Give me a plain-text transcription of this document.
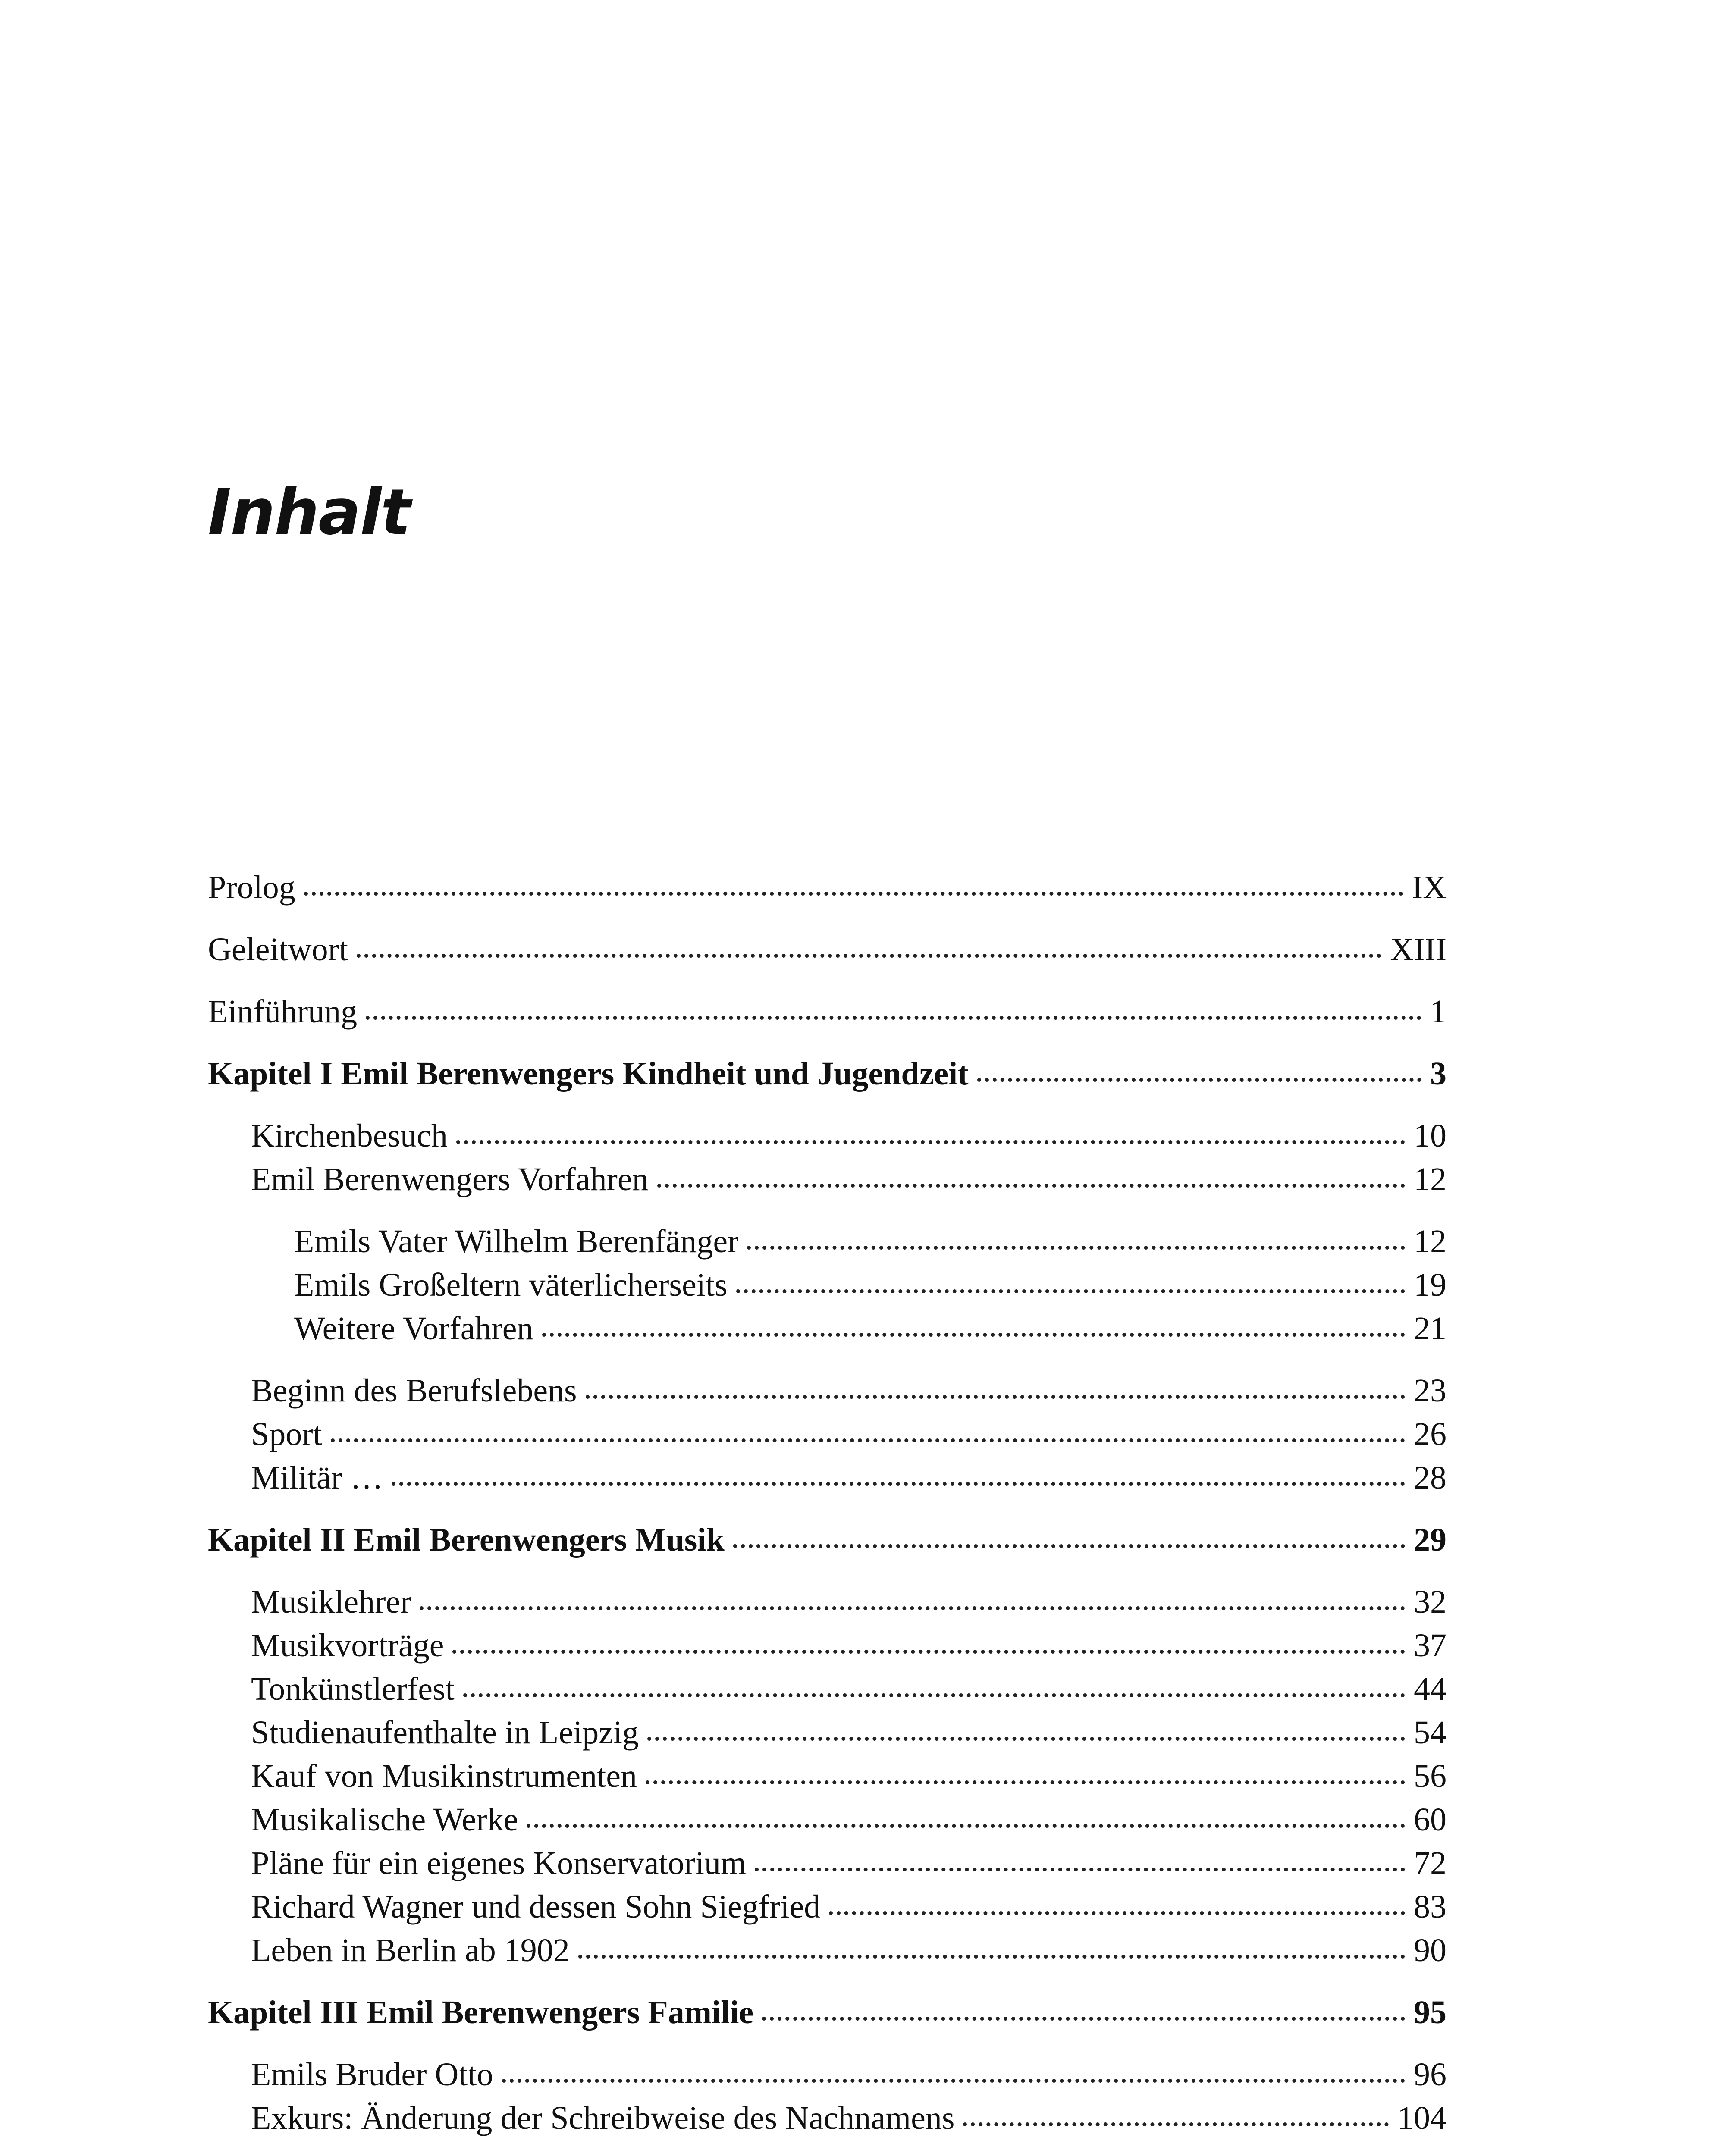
Inhalt
Prolog	IX
Geleitwort	XIII
Einführung	1
Kapitel I Emil Berenwengers Kindheit und Jugendzeit	3
Kirchenbesuch	10
Emil Berenwengers Vorfahren	12
Emils Vater Wilhelm Berenfänger	12
Emils Großeltern väterlicherseits	19
Weitere Vorfahren	21
Beginn des Berufslebens	23
Sport	26
Militär …	28
Kapitel II Emil Berenwengers Musik	29
Musiklehrer	32
Musikvorträge	37
Tonkünstlerfest	44
Studienaufenthalte in Leipzig	54
Kauf von Musikinstrumenten	56
Musikalische Werke	60
Pläne für ein eigenes Konservatorium	72
Richard Wagner und dessen Sohn Siegfried	83
Leben in Berlin ab 1902	90
Kapitel III Emil Berenwengers Familie	95
Emils Bruder Otto	96
Exkurs: Änderung der Schreibweise des Nachnamens	104
